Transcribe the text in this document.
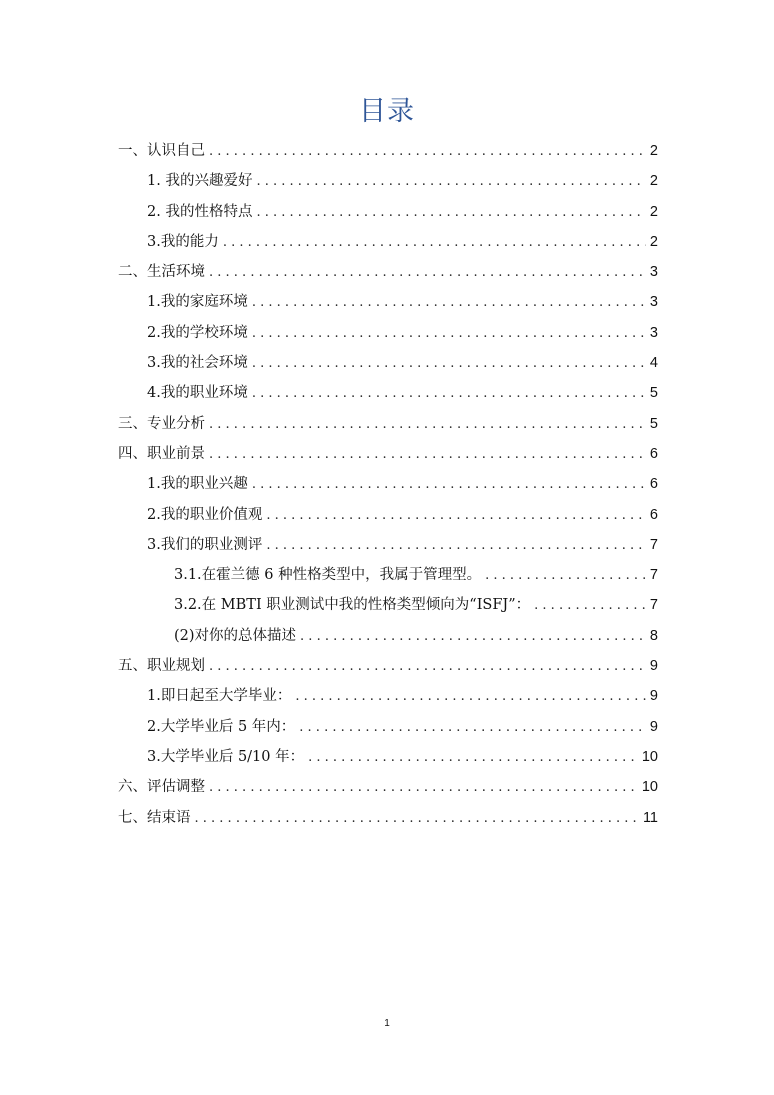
目录
一、认识自己 . . .	2
1. 我的兴趣爱好 . . .	2
2. 我的性格特点 . . .	2
3.我的能力 . . .	2
二、生活环境 . . .	3
1.我的家庭环境 . . .	3
2.我的学校环境 . . .	3
3.我的社会环境 . . .	4
4.我的职业环境 . . .	5
三、专业分析 . . .	5
四、职业前景 . . .	6
1.我的职业兴趣 . . .	6
2.我的职业价值观 . . .	6
3.我们的职业测评 . . .	7
3.1.在霍兰德 6 种性格类型中，我属于管理型。 . . .	7
3.2.在 MBTI 职业测试中我的性格类型倾向为“ISFJ”： . . .	7
(2)对你的总体描述 . . .	8
五、职业规划 . . .	9
1.即日起至大学毕业： . . .	9
2.大学毕业后 5 年内： . . .	9
3.大学毕业后 5/10 年： . . .	10
六、评估调整 . . .	10
七、结束语 . . .	11
1
